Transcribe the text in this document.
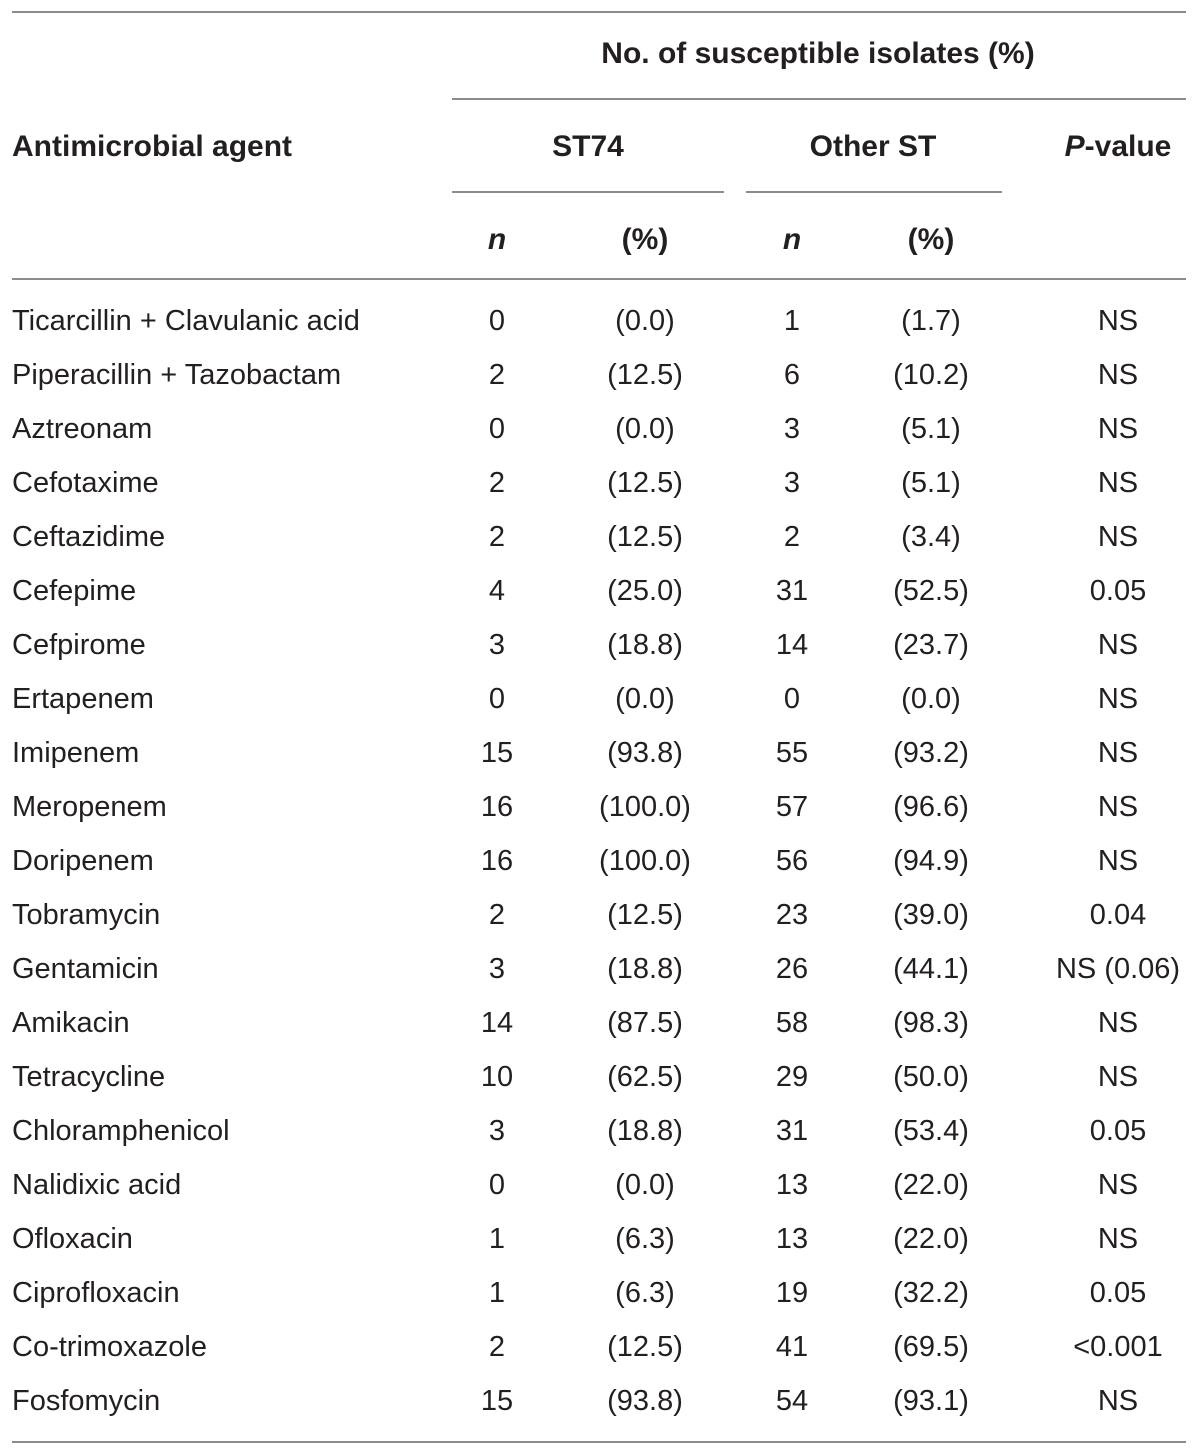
No. of susceptible isolates (%)
Antimicrobial agent	ST74	Other ST	P-value
n	(%)	n	(%)
Ticarcillin + Clavulanic acid	0	(0.0)	1	(1.7)	NS
Piperacillin + Tazobactam	2	(12.5)	6	(10.2)	NS
Aztreonam	0	(0.0)	3	(5.1)	NS
Cefotaxime	2	(12.5)	3	(5.1)	NS
Ceftazidime	2	(12.5)	2	(3.4)	NS
Cefepime	4	(25.0)	31	(52.5)	0.05
Cefpirome	3	(18.8)	14	(23.7)	NS
Ertapenem	0	(0.0)	0	(0.0)	NS
Imipenem	15	(93.8)	55	(93.2)	NS
Meropenem	16	(100.0)	57	(96.6)	NS
Doripenem	16	(100.0)	56	(94.9)	NS
Tobramycin	2	(12.5)	23	(39.0)	0.04
Gentamicin	3	(18.8)	26	(44.1)	NS (0.06)
Amikacin	14	(87.5)	58	(98.3)	NS
Tetracycline	10	(62.5)	29	(50.0)	NS
Chloramphenicol	3	(18.8)	31	(53.4)	0.05
Nalidixic acid	0	(0.0)	13	(22.0)	NS
Ofloxacin	1	(6.3)	13	(22.0)	NS
Ciprofloxacin	1	(6.3)	19	(32.2)	0.05
Co-trimoxazole	2	(12.5)	41	(69.5)	<0.001
Fosfomycin	15	(93.8)	54	(93.1)	NS
